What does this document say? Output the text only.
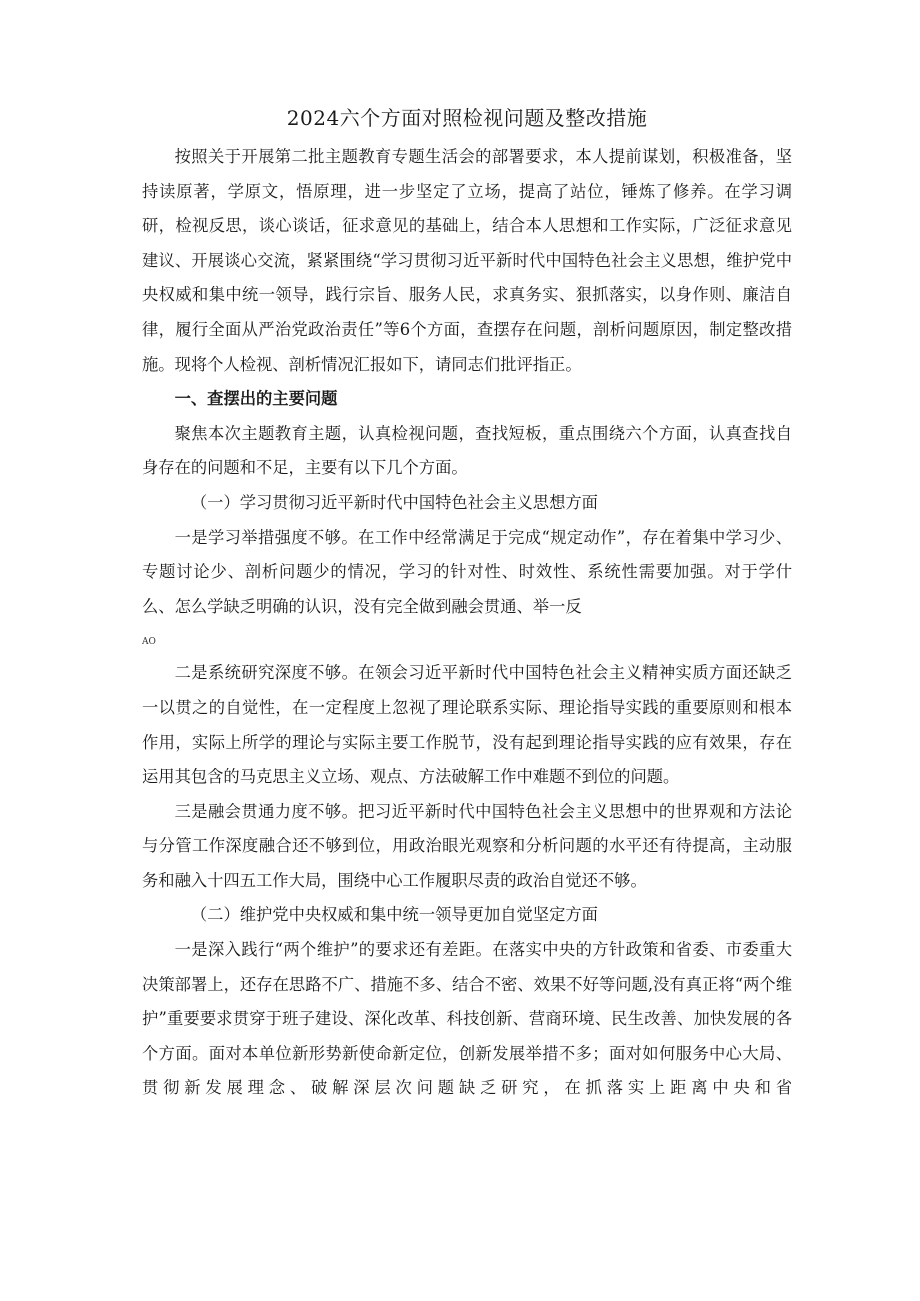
2024六个方面对照检视问题及整改措施

按照关于开展第二批主题教育专题生活会的部署要求，本人提前谋划，积极准备，坚持读原著，学原文，悟原理，进一步坚定了立场，提高了站位，锤炼了修养。在学习调研，检视反思，谈心谈话，征求意见的基础上，结合本人思想和工作实际，广泛征求意见建议、开展谈心交流，紧紧围绕“学习贯彻习近平新时代中国特色社会主义思想，维护党中央权威和集中统一领导，践行宗旨、服务人民，求真务实、狠抓落实，以身作则、廉洁自律，履行全面从严治党政治责任”等6个方面，查摆存在问题，剖析问题原因，制定整改措施。现将个人检视、剖析情况汇报如下，请同志们批评指正。

一、查摆出的主要问题

聚焦本次主题教育主题，认真检视问题，查找短板，重点围绕六个方面，认真查找自身存在的问题和不足，主要有以下几个方面。

（一）学习贯彻习近平新时代中国特色社会主义思想方面

一是学习举措强度不够。在工作中经常满足于完成“规定动作”，存在着集中学习少、专题讨论少、剖析问题少的情况，学习的针对性、时效性、系统性需要加强。对于学什么、怎么学缺乏明确的认识，没有完全做到融会贯通、举一反

AO

二是系统研究深度不够。在领会习近平新时代中国特色社会主义精神实质方面还缺乏一以贯之的自觉性，在一定程度上忽视了理论联系实际、理论指导实践的重要原则和根本作用，实际上所学的理论与实际主要工作脱节，没有起到理论指导实践的应有效果，存在运用其包含的马克思主义立场、观点、方法破解工作中难题不到位的问题。

三是融会贯通力度不够。把习近平新时代中国特色社会主义思想中的世界观和方法论与分管工作深度融合还不够到位，用政治眼光观察和分析问题的水平还有待提高，主动服务和融入十四五工作大局，围绕中心工作履职尽责的政治自觉还不够。

（二）维护党中央权威和集中统一领导更加自觉坚定方面

一是深入践行“两个维护”的要求还有差距。在落实中央的方针政策和省委、市委重大决策部署上，还存在思路不广、措施不多、结合不密、效果不好等问题,没有真正将“两个维护”重要要求贯穿于班子建设、深化改革、科技创新、营商环境、民生改善、加快发展的各个方面。面对本单位新形势新使命新定位，创新发展举措不多；面对如何服务中心大局、贯彻新发展理念、破解深层次问题缺乏研究，在抓落实上距离中央和省
